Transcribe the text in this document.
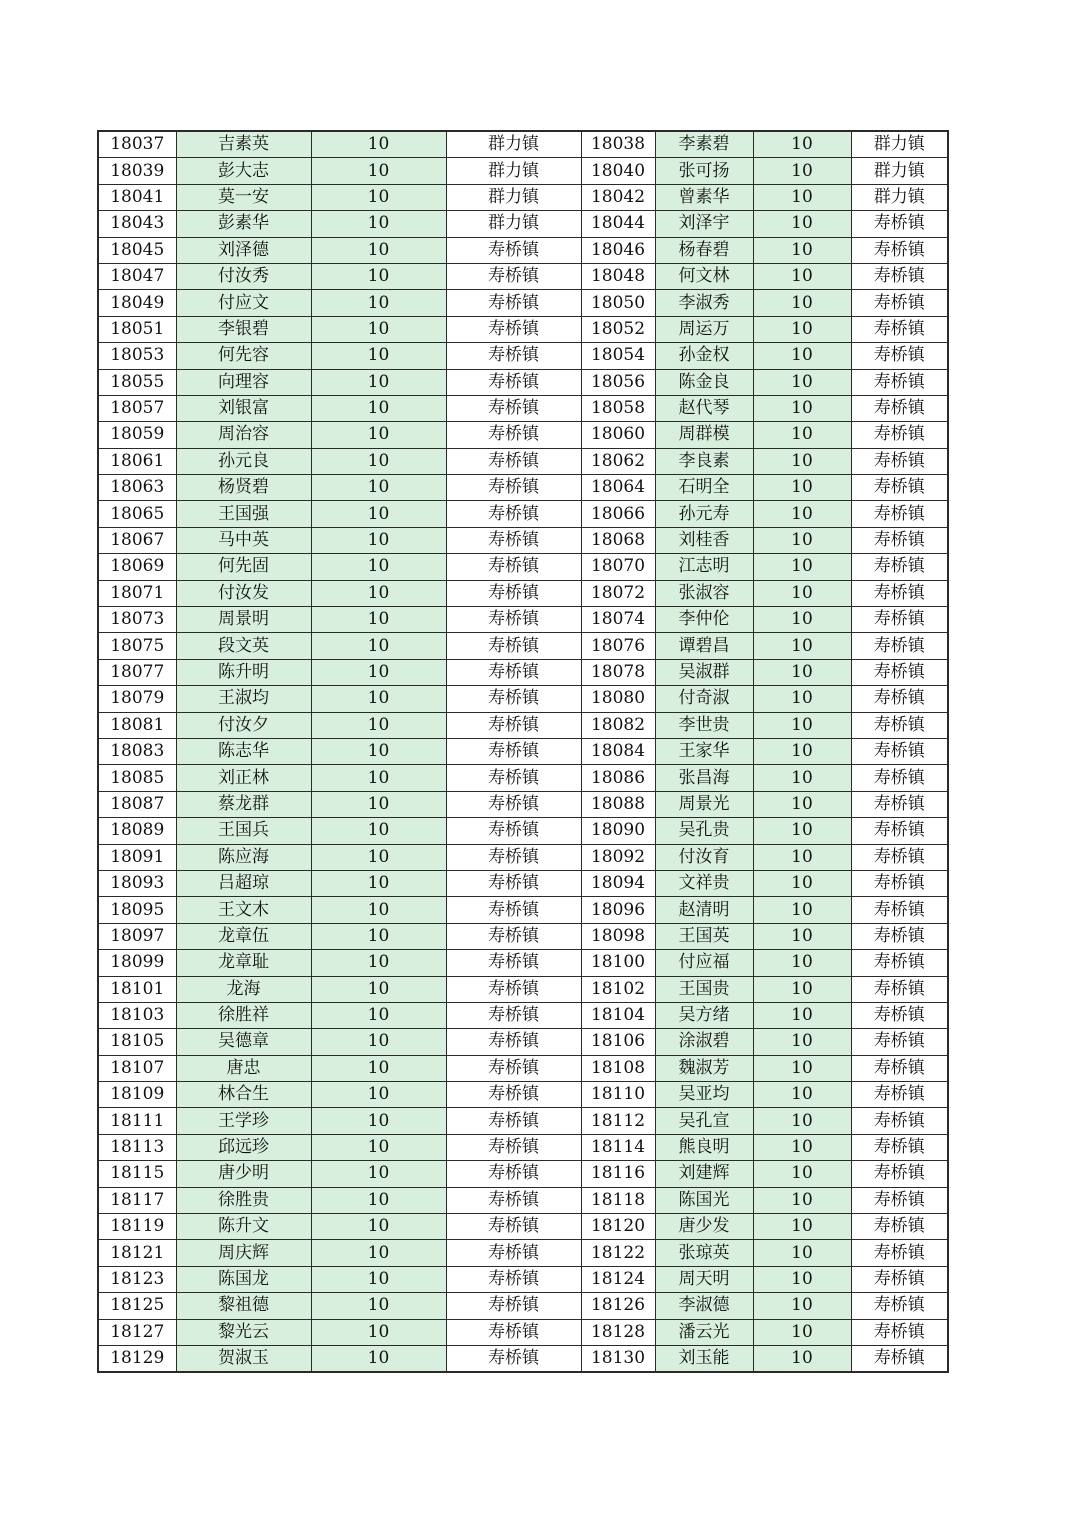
18037	吉素英	10	群力镇	18038	李素碧	10	群力镇
18039	彭大志	10	群力镇	18040	张可扬	10	群力镇
18041	莫一安	10	群力镇	18042	曾素华	10	群力镇
18043	彭素华	10	群力镇	18044	刘泽宇	10	寿桥镇
18045	刘泽德	10	寿桥镇	18046	杨春碧	10	寿桥镇
18047	付汝秀	10	寿桥镇	18048	何文林	10	寿桥镇
18049	付应文	10	寿桥镇	18050	李淑秀	10	寿桥镇
18051	李银碧	10	寿桥镇	18052	周运万	10	寿桥镇
18053	何先容	10	寿桥镇	18054	孙金权	10	寿桥镇
18055	向理容	10	寿桥镇	18056	陈金良	10	寿桥镇
18057	刘银富	10	寿桥镇	18058	赵代琴	10	寿桥镇
18059	周治容	10	寿桥镇	18060	周群模	10	寿桥镇
18061	孙元良	10	寿桥镇	18062	李良素	10	寿桥镇
18063	杨贤碧	10	寿桥镇	18064	石明全	10	寿桥镇
18065	王国强	10	寿桥镇	18066	孙元寿	10	寿桥镇
18067	马中英	10	寿桥镇	18068	刘桂香	10	寿桥镇
18069	何先固	10	寿桥镇	18070	江志明	10	寿桥镇
18071	付汝发	10	寿桥镇	18072	张淑容	10	寿桥镇
18073	周景明	10	寿桥镇	18074	李仲伦	10	寿桥镇
18075	段文英	10	寿桥镇	18076	谭碧昌	10	寿桥镇
18077	陈升明	10	寿桥镇	18078	吴淑群	10	寿桥镇
18079	王淑均	10	寿桥镇	18080	付奇淑	10	寿桥镇
18081	付汝夕	10	寿桥镇	18082	李世贵	10	寿桥镇
18083	陈志华	10	寿桥镇	18084	王家华	10	寿桥镇
18085	刘正林	10	寿桥镇	18086	张昌海	10	寿桥镇
18087	蔡龙群	10	寿桥镇	18088	周景光	10	寿桥镇
18089	王国兵	10	寿桥镇	18090	吴孔贵	10	寿桥镇
18091	陈应海	10	寿桥镇	18092	付汝育	10	寿桥镇
18093	吕超琼	10	寿桥镇	18094	文祥贵	10	寿桥镇
18095	王文木	10	寿桥镇	18096	赵清明	10	寿桥镇
18097	龙章伍	10	寿桥镇	18098	王国英	10	寿桥镇
18099	龙章耻	10	寿桥镇	18100	付应福	10	寿桥镇
18101	龙海	10	寿桥镇	18102	王国贵	10	寿桥镇
18103	徐胜祥	10	寿桥镇	18104	吴方绪	10	寿桥镇
18105	吴德章	10	寿桥镇	18106	涂淑碧	10	寿桥镇
18107	唐忠	10	寿桥镇	18108	魏淑芳	10	寿桥镇
18109	林合生	10	寿桥镇	18110	吴亚均	10	寿桥镇
18111	王学珍	10	寿桥镇	18112	吴孔宣	10	寿桥镇
18113	邱远珍	10	寿桥镇	18114	熊良明	10	寿桥镇
18115	唐少明	10	寿桥镇	18116	刘建辉	10	寿桥镇
18117	徐胜贵	10	寿桥镇	18118	陈国光	10	寿桥镇
18119	陈升文	10	寿桥镇	18120	唐少发	10	寿桥镇
18121	周庆辉	10	寿桥镇	18122	张琼英	10	寿桥镇
18123	陈国龙	10	寿桥镇	18124	周天明	10	寿桥镇
18125	黎祖德	10	寿桥镇	18126	李淑德	10	寿桥镇
18127	黎光云	10	寿桥镇	18128	潘云光	10	寿桥镇
18129	贺淑玉	10	寿桥镇	18130	刘玉能	10	寿桥镇
